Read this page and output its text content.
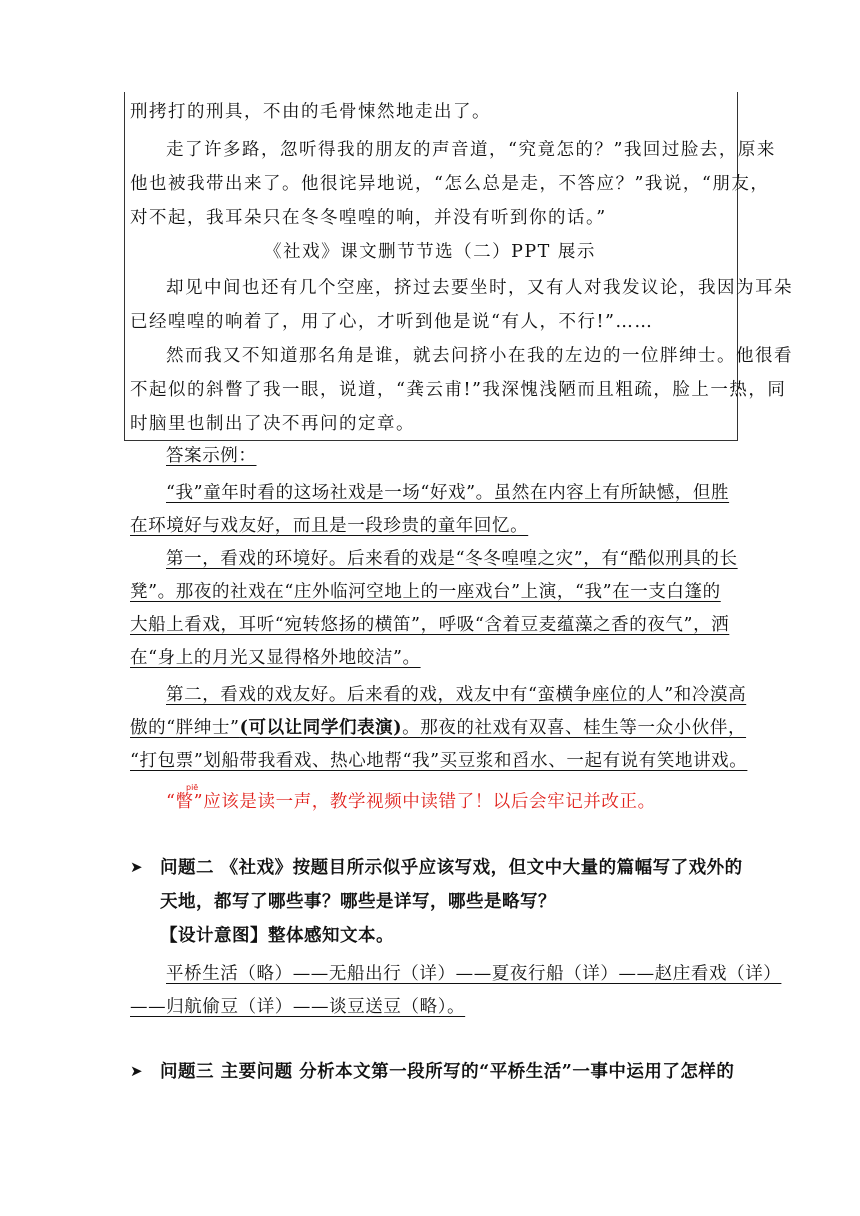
刑拷打的刑具，不由的毛骨悚然地走出了。
走了许多路，忽听得我的朋友的声音道，“究竟怎的？”我回过脸去，原来
他也被我带出来了。他很诧异地说，“怎么总是走，不答应？”我说，“朋友，
对不起，我耳朵只在冬冬喤喤的响，并没有听到你的话。”
《社戏》课文删节节选（二）PPT 展示
却见中间也还有几个空座，挤过去要坐时，又有人对我发议论，我因为耳朵
已经喤喤的响着了，用了心，才听到他是说“有人，不行!”……
然而我又不知道那名角是谁，就去问挤小在我的左边的一位胖绅士。他很看
不起似的斜瞥了我一眼，说道，“龚云甫!”我深愧浅陋而且粗疏，脸上一热，同
时脑里也制出了决不再问的定章。
答案示例：
“我”童年时看的这场社戏是一场“好戏”。虽然在内容上有所缺憾，但胜
在环境好与戏友好，而且是一段珍贵的童年回忆。
第一，看戏的环境好。后来看的戏是“冬冬喤喤之灾”，有“酷似刑具的长
凳”。那夜的社戏在“庄外临河空地上的一座戏台”上演，“我”在一支白篷的
大船上看戏，耳听“宛转悠扬的横笛”，呼吸“含着豆麦蕴藻之香的夜气”，洒
在“身上的月光又显得格外地皎洁”。
第二，看戏的戏友好。后来看的戏，戏友中有“蛮横争座位的人”和冷漠高
傲的“胖绅士”(可以让同学们表演)。那夜的社戏有双喜、桂生等一众小伙伴，
“打包票”划船带我看戏、热心地帮“我”买豆浆和舀水、一起有说有笑地讲戏。
piē
“瞥”应该是读一声，教学视频中读错了！以后会牢记并改正。
➤ 问题二 《社戏》按题目所示似乎应该写戏，但文中大量的篇幅写了戏外的
天地，都写了哪些事？哪些是详写，哪些是略写？
【设计意图】整体感知文本。
平桥生活（略）——无船出行（详）——夏夜行船（详）——赵庄看戏（详）
——归航偷豆（详）——谈豆送豆（略）。
➤ 问题三 主要问题 分析本文第一段所写的“平桥生活”一事中运用了怎样的
